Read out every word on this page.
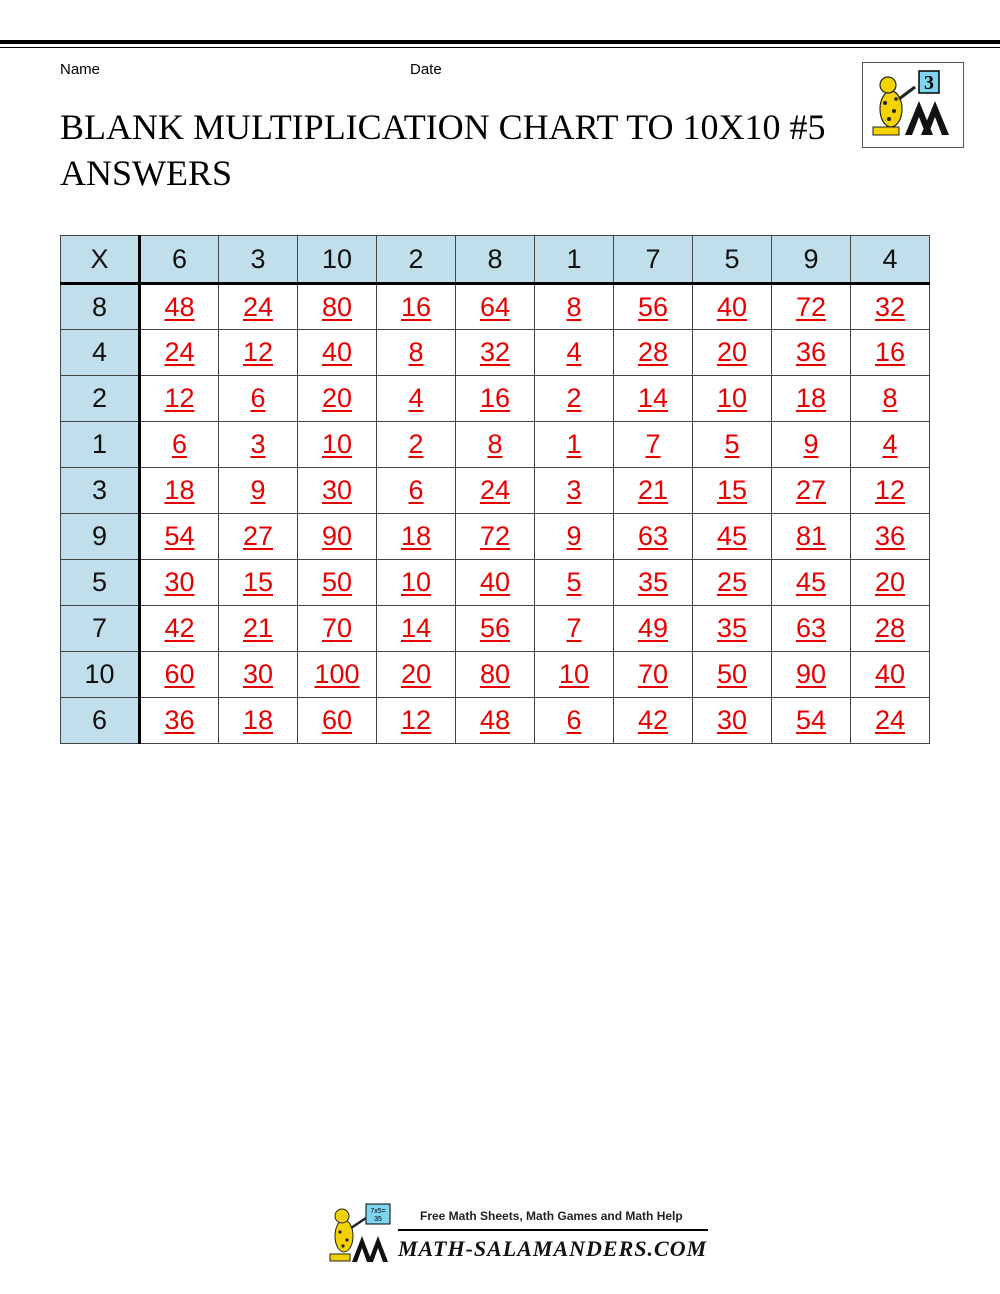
Name	Date
BLANK MULTIPLICATION CHART TO 10X10 #5 ANSWERS
3
X	6	3	10	2	8	1	7	5	9	4
8	48	24	80	16	64	8	56	40	72	32
4	24	12	40	8	32	4	28	20	36	16
2	12	6	20	4	16	2	14	10	18	8
1	6	3	10	2	8	1	7	5	9	4
3	18	9	30	6	24	3	21	15	27	12
9	54	27	90	18	72	9	63	45	81	36
5	30	15	50	10	40	5	35	25	45	20
7	42	21	70	14	56	7	49	35	63	28
10	60	30	100	20	80	10	70	50	90	40
6	36	18	60	12	48	6	42	30	54	24
7x5=
35	Free Math Sheets, Math Games and Math Help
MATH-SALAMANDERS.COM
